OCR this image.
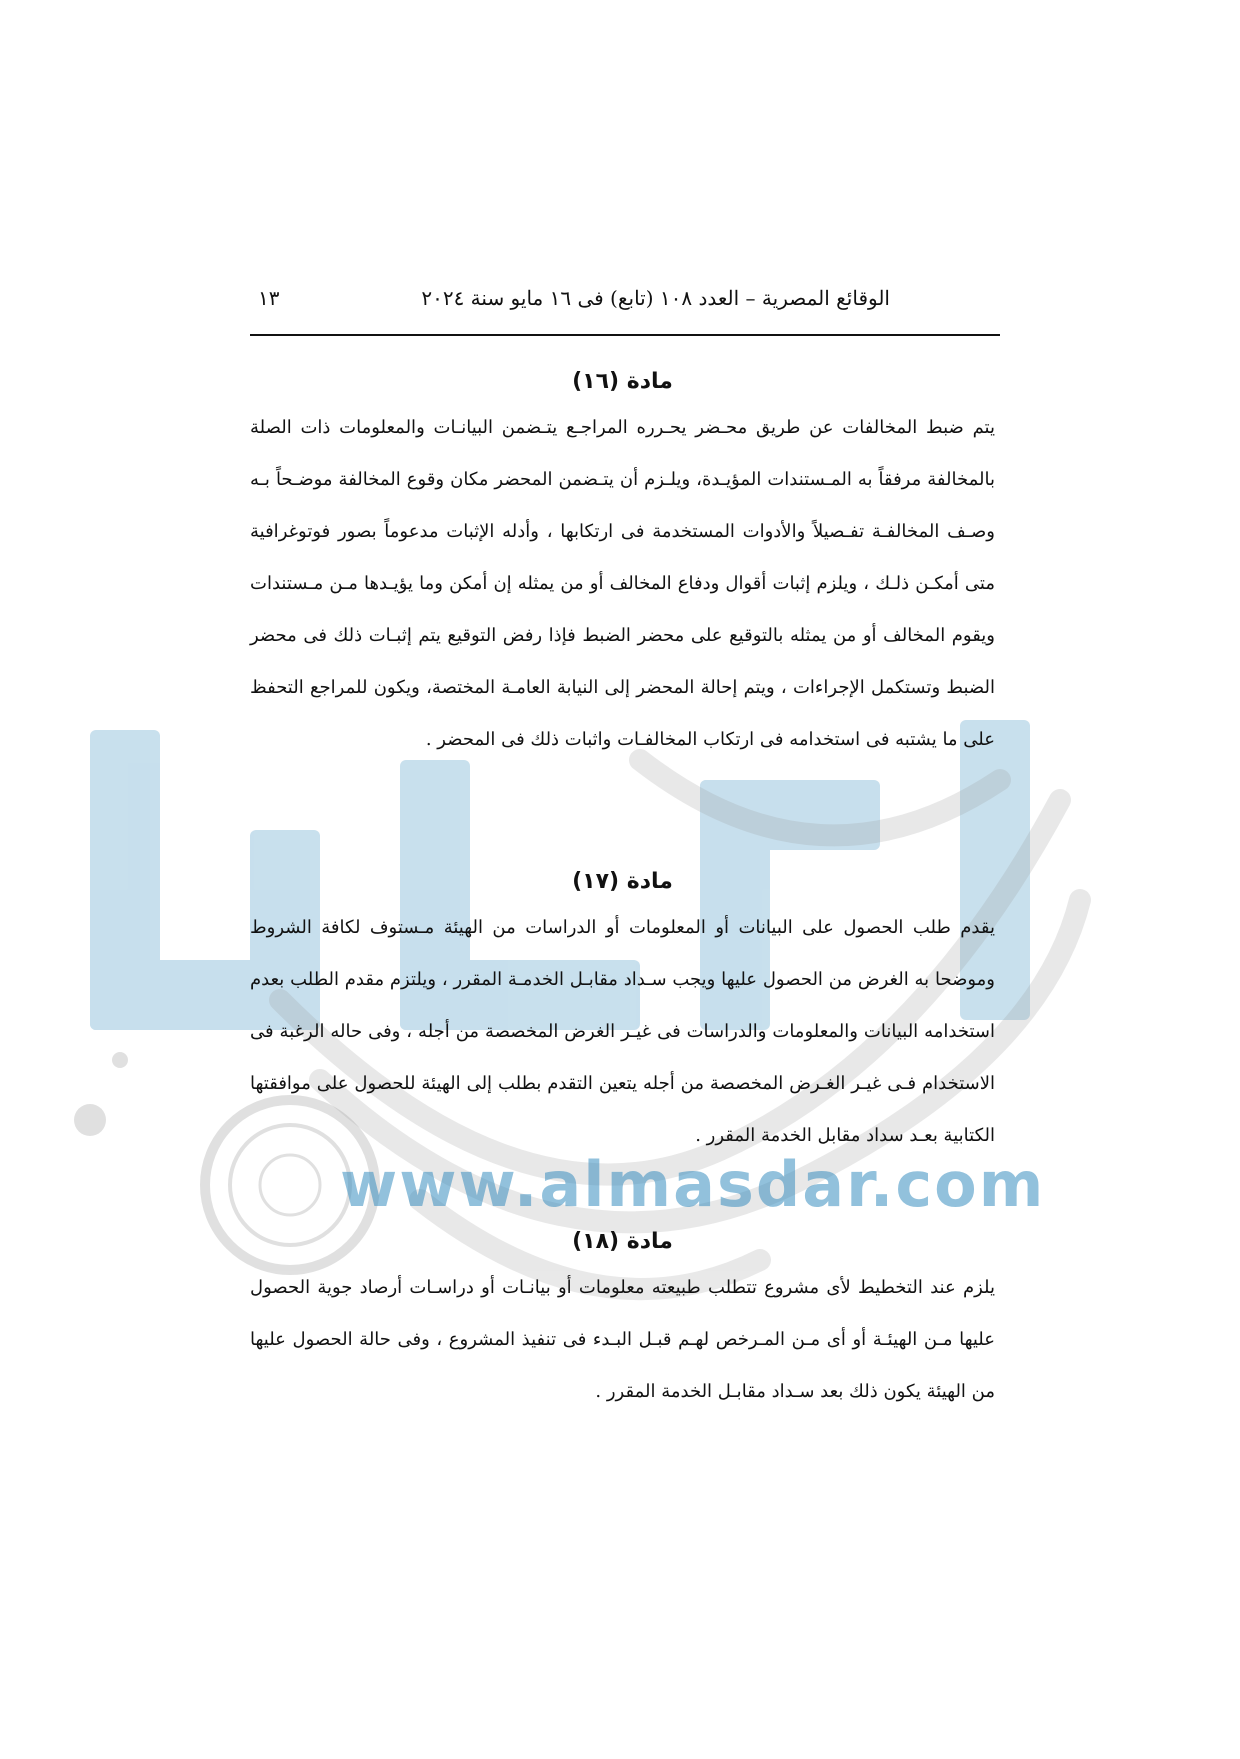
www.almasdar.com
الوقائع المصرية – العدد ١٠٨ (تابع) فى ١٦ مايو سنة ٢٠٢٤
١٣
مادة (١٦)
يتم ضبط المخالفات عن طريق محـضر يحـرره المراجـع يتـضمن البيانـات والمعلومات ذات الصلة بالمخالفة مرفقاً به المـستندات المؤيـدة، ويلـزم أن يتـضمن المحضر مكان وقوع المخالفة موضـحاً بـه وصـف المخالفـة تفـصيلاً والأدوات المستخدمة فى ارتكابها ، وأدله الإثبات مدعوماً بصور فوتوغرافية متى أمكـن ذلـك ، ويلزم إثبات أقوال ودفاع المخالف أو من يمثله إن أمكن وما يؤيـدها مـن مـستندات ويقوم المخالف أو من يمثله بالتوقيع على محضر الضبط فإذا رفض التوقيع يتم إثبـات ذلك فى محضر الضبط وتستكمل الإجراءات ، ويتم إحالة المحضر إلى النيابة العامـة المختصة، ويكون للمراجع التحفظ على ما يشتبه فى استخدامه فى ارتكاب المخالفـات واثبات ذلك فى المحضر .
مادة (١٧)
يقدم طلب الحصول على البيانات أو المعلومات أو الدراسات من الهيئة مـستوف لكافة الشروط وموضحا به الغرض من الحصول عليها ويجب سـداد مقابـل الخدمـة المقرر ، ويلتزم مقدم الطلب بعدم استخدامه البيانات والمعلومات والدراسات فى غيـر الغرض المخصصة من أجله ، وفى حاله الرغبة فى الاستخدام فـى غيـر الغـرض المخصصة من أجله يتعين التقدم بطلب إلى الهيئة للحصول على موافقتها الكتابية بعـد سداد مقابل الخدمة المقرر .
مادة (١٨)
يلزم عند التخطيط لأى مشروع تتطلب طبيعته معلومات أو بيانـات أو دراسـات أرصاد جوية الحصول عليها مـن الهيئـة أو أى مـن المـرخص لهـم قبـل البـدء فى تنفيذ المشروع ، وفى حالة الحصول عليها من الهيئة يكون ذلك بعد سـداد مقابـل الخدمة المقرر .
